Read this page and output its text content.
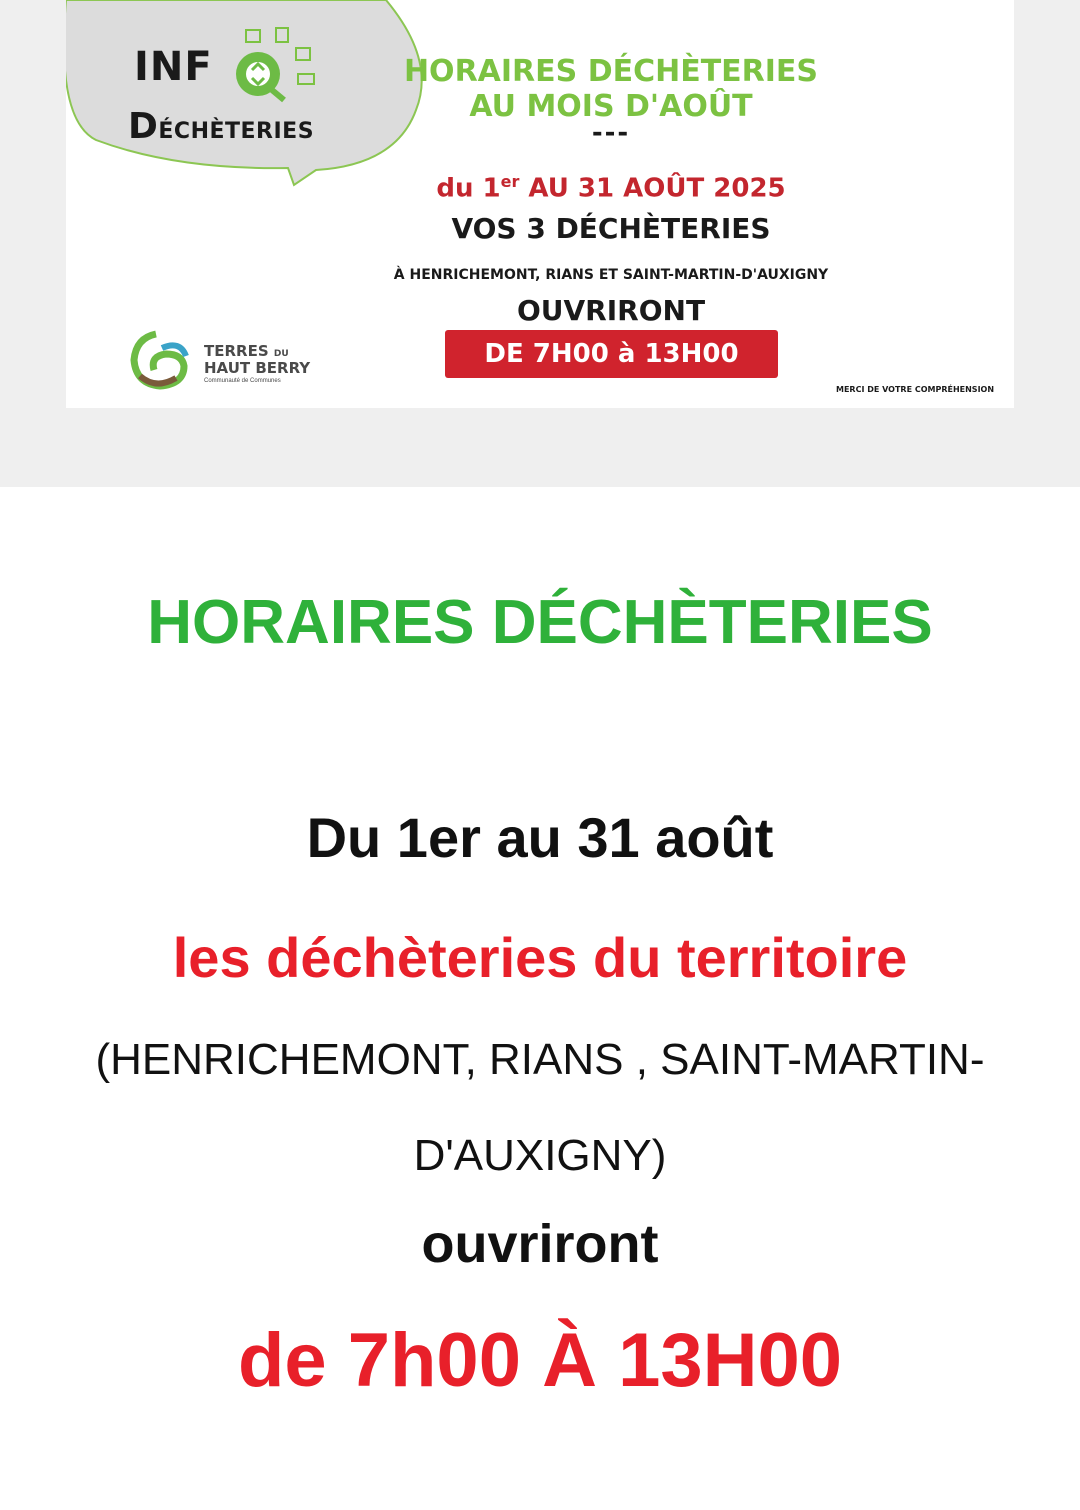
INF
DÉCHÈTERIES
HORAIRES DÉCHÈTERIES
AU MOIS D'AOÛT
---
du 1er AU 31 AOÛT 2025
VOS 3 DÉCHÈTERIES
À HENRICHEMONT, RIANS ET SAINT-MARTIN-D'AUXIGNY
OUVRIRONT
DE 7H00 à 13H00
MERCI DE VOTRE COMPRÉHENSION
TERRES DU
HAUT BERRY
Communauté de Communes
HORAIRES DÉCHÈTERIES
Du 1er au 31 août
les déchèteries du territoire
(HENRICHEMONT, RIANS , SAINT-MARTIN-
D'AUXIGNY)
ouvriront
de 7h00 À 13H00
